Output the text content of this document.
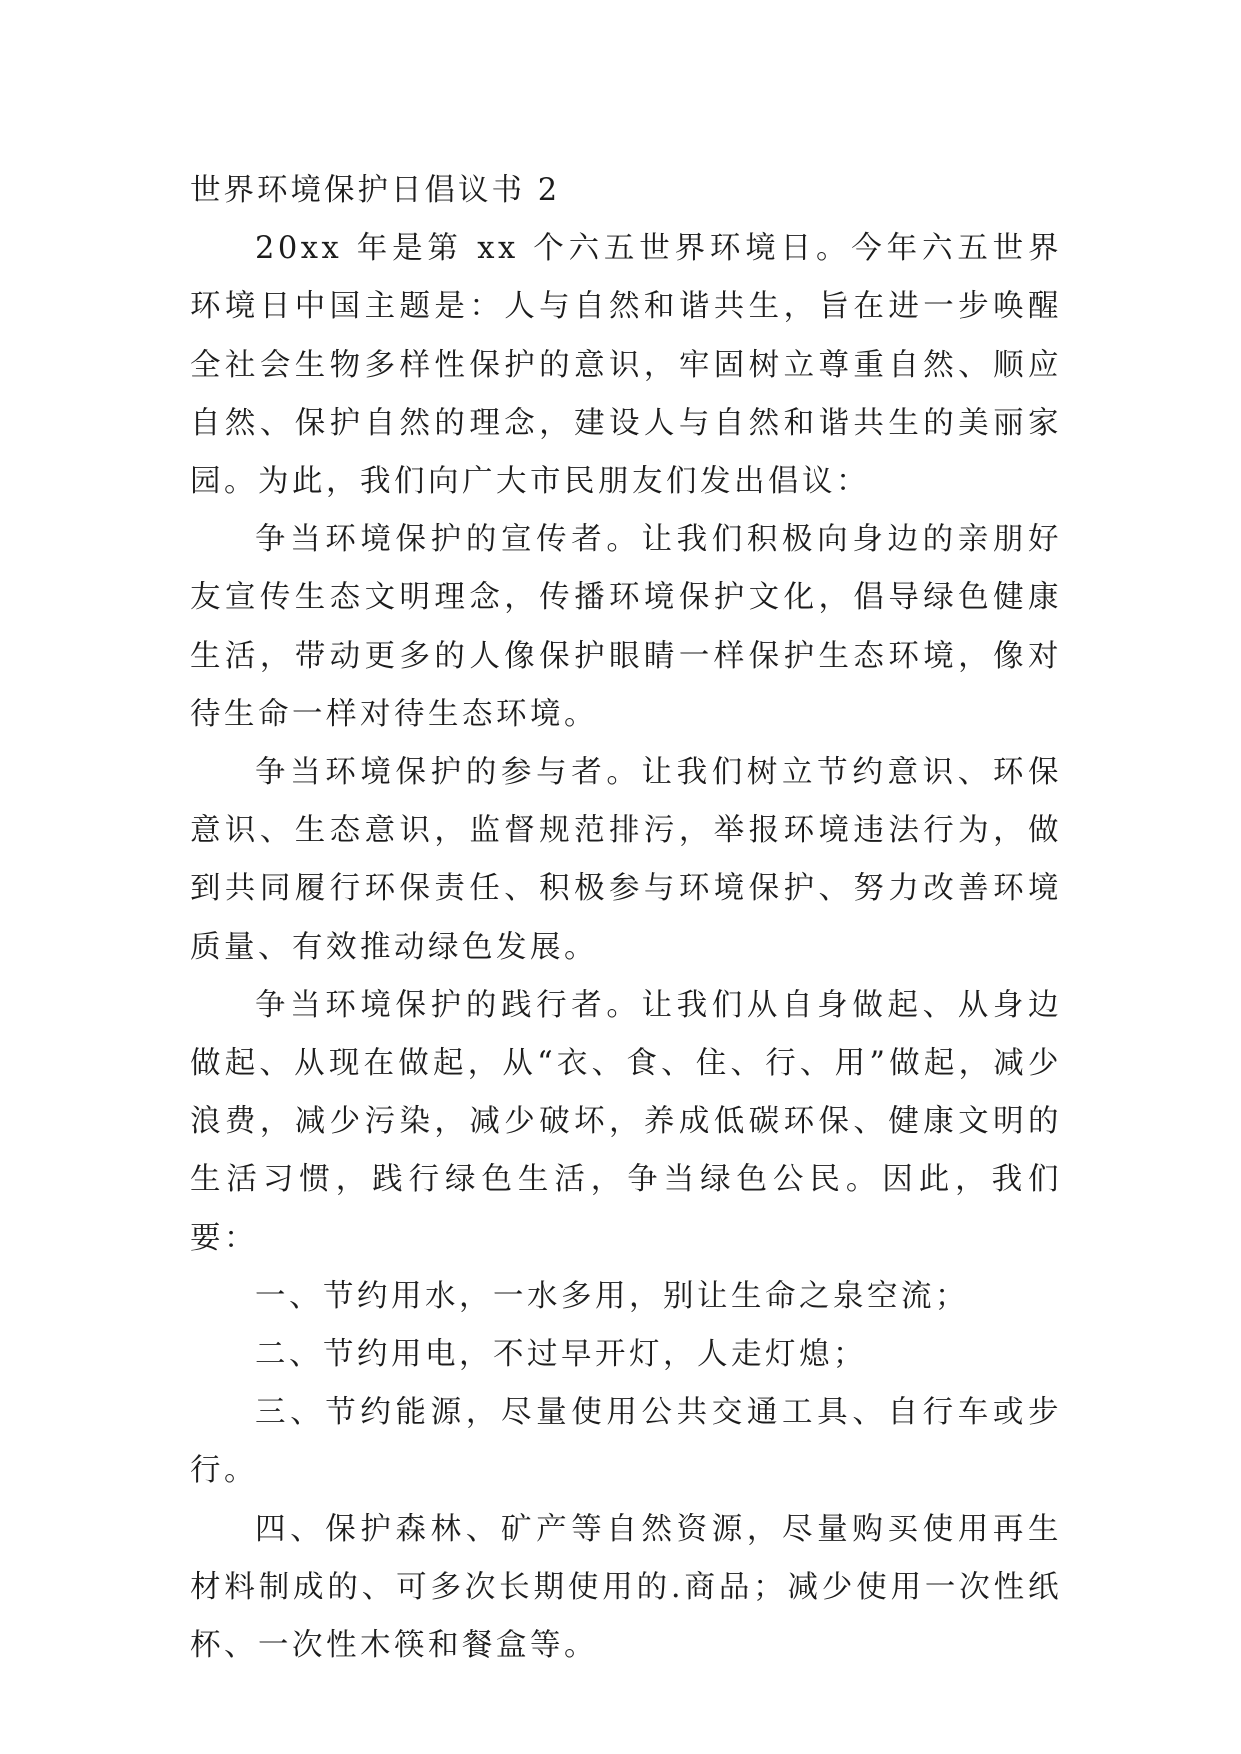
世界环境保护日倡议书 2

20xx 年是第 xx 个六五世界环境日。今年六五世界环境日中国主题是：人与自然和谐共生，旨在进一步唤醒全社会生物多样性保护的意识，牢固树立尊重自然、顺应自然、保护自然的理念，建设人与自然和谐共生的美丽家园。为此，我们向广大市民朋友们发出倡议：

争当环境保护的宣传者。让我们积极向身边的亲朋好友宣传生态文明理念，传播环境保护文化，倡导绿色健康生活，带动更多的人像保护眼睛一样保护生态环境，像对待生命一样对待生态环境。

争当环境保护的参与者。让我们树立节约意识、环保意识、生态意识，监督规范排污，举报环境违法行为，做到共同履行环保责任、积极参与环境保护、努力改善环境质量、有效推动绿色发展。

争当环境保护的践行者。让我们从自身做起、从身边做起、从现在做起，从“衣、食、住、行、用”做起，减少浪费，减少污染，减少破坏，养成低碳环保、健康文明的生活习惯，践行绿色生活，争当绿色公民。因此，我们要：

一、节约用水，一水多用，别让生命之泉空流；

二、节约用电，不过早开灯，人走灯熄；

三、节约能源，尽量使用公共交通工具、自行车或步行。

四、保护森林、矿产等自然资源，尽量购买使用再生材料制成的、可多次长期使用的.商品；减少使用一次性纸杯、一次性木筷和餐盒等。
